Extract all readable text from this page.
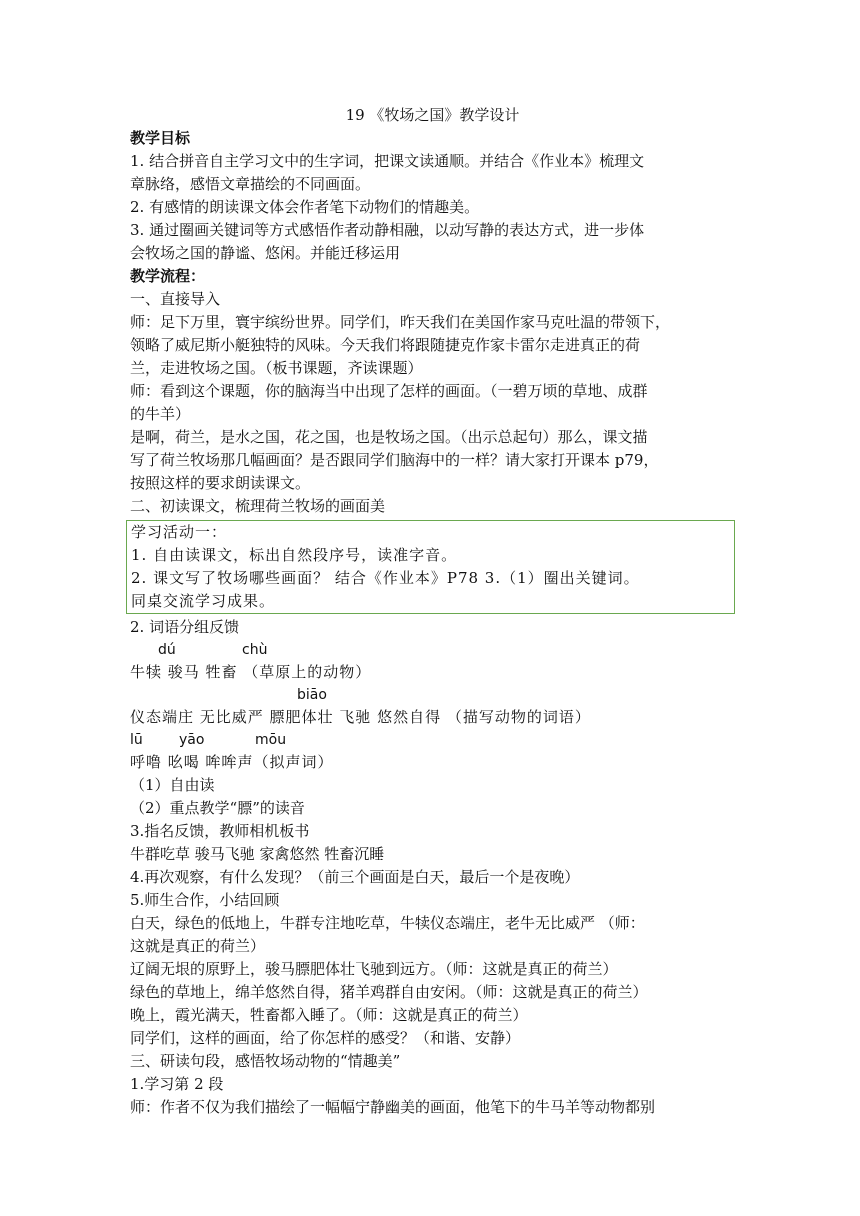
19 《牧场之国》教学设计
教学目标
1. 结合拼音自主学习文中的生字词，把课文读通顺。并结合《作业本》梳理文
章脉络，感悟文章描绘的不同画面。
2. 有感情的朗读课文体会作者笔下动物们的情趣美。
3. 通过圈画关键词等方式感悟作者动静相融，以动写静的表达方式，进一步体
会牧场之国的静谧、悠闲。并能迁移运用
教学流程：
一、直接导入
师：足下万里，寰宇缤纷世界。同学们，昨天我们在美国作家马克吐温的带领下，
领略了威尼斯小艇独特的风味。今天我们将跟随捷克作家卡雷尔走进真正的荷
兰，走进牧场之国。（板书课题，齐读课题）
师：看到这个课题，你的脑海当中出现了怎样的画面。（一碧万顷的草地、成群
的牛羊）
是啊，荷兰，是水之国，花之国，也是牧场之国。（出示总起句）那么，课文描
写了荷兰牧场那几幅画面？是否跟同学们脑海中的一样？请大家打开课本 p79，
按照这样的要求朗读课文。
二、初读课文，梳理荷兰牧场的画面美
学习活动一：
1. 自由读课文，标出自然段序号，读准字音。
2. 课文写了牧场哪些画面？ 结合《作业本》P78 3.（1）圈出关键词。
同桌交流学习成果。
2. 词语分组反馈
dú	chù
牛犊 骏马 牲畜 （草原上的动物）
biāo
仪态端庄 无比威严 膘肥体壮 飞驰 悠然自得 （描写动物的词语）
lū	yāo	mōu
呼噜 吆喝 哞哞声（拟声词）
（1）自由读
（2）重点教学“膘”的读音
3.指名反馈，教师相机板书
牛群吃草 骏马飞驰 家禽悠然 牲畜沉睡
4.再次观察，有什么发现？（前三个画面是白天，最后一个是夜晚）
5.师生合作，小结回顾
白天，绿色的低地上，牛群专注地吃草，牛犊仪态端庄，老牛无比威严 （师：
这就是真正的荷兰）
辽阔无垠的原野上，骏马膘肥体壮飞驰到远方。（师：这就是真正的荷兰）
绿色的草地上，绵羊悠然自得，猪羊鸡群自由安闲。（师：这就是真正的荷兰）
晚上，霞光满天，牲畜都入睡了。（师：这就是真正的荷兰）
同学们，这样的画面，给了你怎样的感受？（和谐、安静）
三、研读句段，感悟牧场动物的“情趣美”
1.学习第 2 段
师：作者不仅为我们描绘了一幅幅宁静幽美的画面，他笔下的牛马羊等动物都别
